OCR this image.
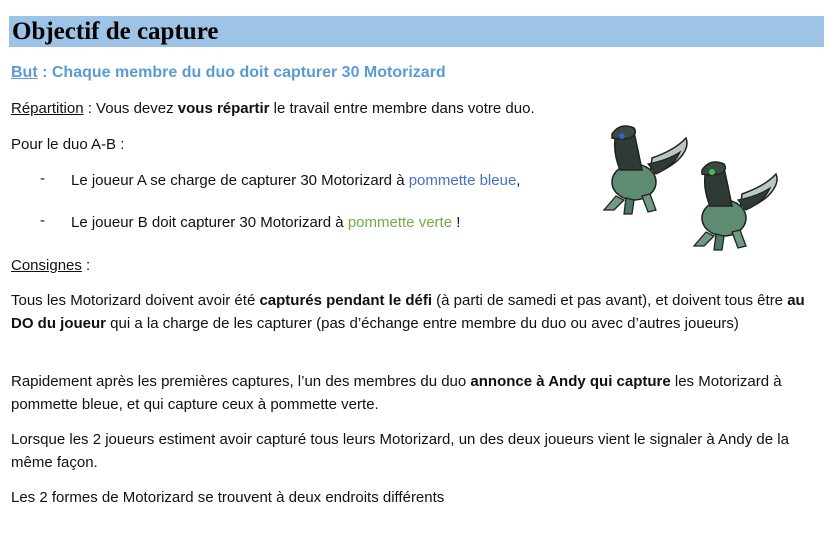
Objectif de capture
But : Chaque membre du duo doit capturer 30 Motorizard
Répartition : Vous devez vous répartir le travail entre membre dans votre duo.
Pour le duo A-B :
- Le joueur A se charge de capturer 30 Motorizard à pommette bleue,
- Le joueur B doit capturer 30 Motorizard à pommette verte !
Consignes :
Tous les Motorizard doivent avoir été capturés pendant le défi (à parti de samedi et pas avant), et doivent tous être au DO du joueur qui a la charge de les capturer (pas d’échange entre membre du duo ou avec d’autres joueurs)
Rapidement après les premières captures, l’un des membres du duo annonce à Andy qui capture les Motorizard à pommette bleue, et qui capture ceux à pommette verte.
Lorsque les 2 joueurs estiment avoir capturé tous leurs Motorizard, un des deux joueurs vient le signaler à Andy de la même façon.
Les 2 formes de Motorizard se trouvent à deux endroits différents
